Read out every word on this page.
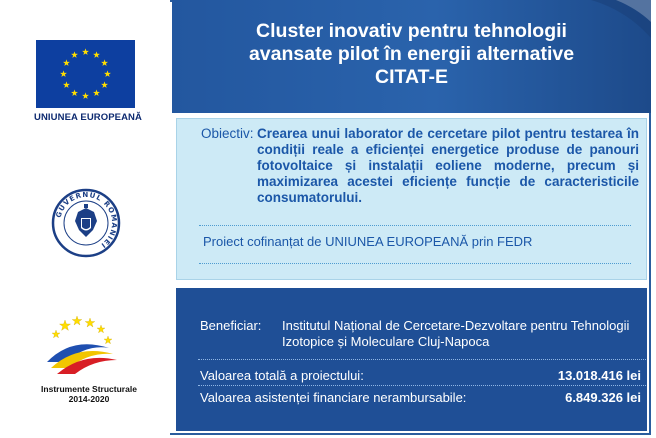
UNIUNEA EUROPEANĂ
GUVERNUL ROMÂNIEI
Instrumente Structurale
2014-2020
Cluster inovativ pentru tehnologii
avansate pilot în energii alternative
CITAT-E
Obiectiv: Crearea unui laborator de cercetare pilot pentru testarea în condiții reale a eficienței energetice produse de panouri fotovoltaice și instalații eoliene moderne, precum și maximizarea acestei eficiențe funcție de caracteristicile consumatorului.
Proiect cofinanțat de UNIUNEA EUROPEANĂ prin FEDR
Beneficiar: Institutul Național de Cercetare-Dezvoltare pentru Tehnologii Izotopice și Moleculare Cluj-Napoca
Valoarea totală a proiectului:	13.018.416 lei
Valoarea asistenței financiare nerambursabile:	6.849.326 lei
